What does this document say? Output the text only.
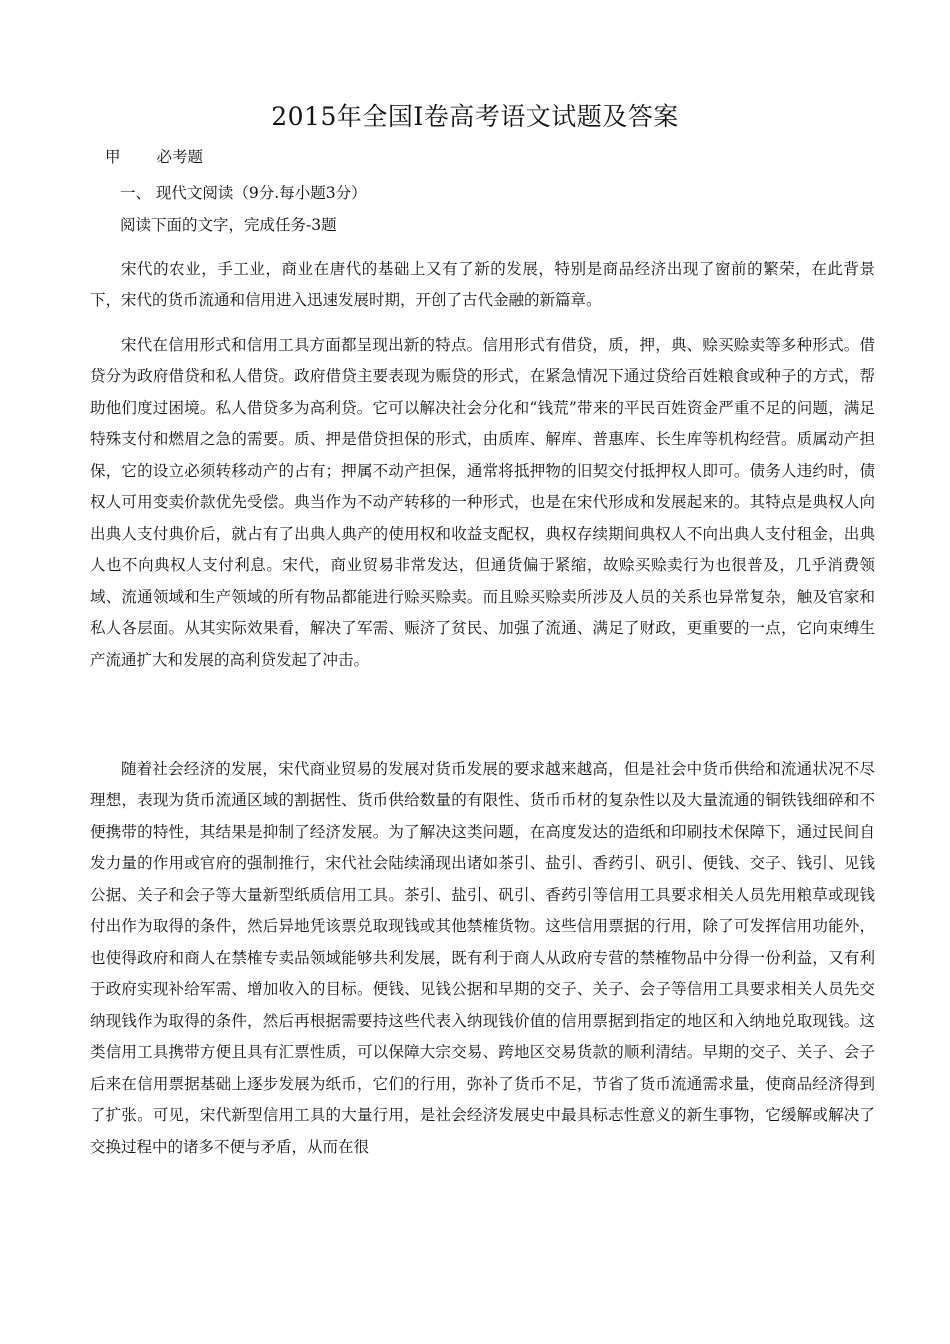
2015年全国Ⅰ卷高考语文试题及答案
甲 必考题
一、 现代文阅读（9分.每小题3分）
阅读下面的文字，完成任务-3题

宋代的农业，手工业，商业在唐代的基础上又有了新的发展，特别是商品经济出现了窗前的繁荣，在此背景下，宋代的货币流通和信用进入迅速发展时期，开创了古代金融的新篇章。

宋代在信用形式和信用工具方面都呈现出新的特点。信用形式有借贷，质，押，典、赊买赊卖等多种形式。借贷分为政府借贷和私人借贷。政府借贷主要表现为赈贷的形式，在紧急情况下通过贷给百姓粮食或种子的方式，帮助他们度过困境。私人借贷多为高利贷。它可以解决社会分化和“钱荒”带来的平民百姓资金严重不足的问题，满足特殊支付和燃眉之急的需要。质、押是借贷担保的形式，由质库、解库、普惠库、长生库等机构经营。质属动产担保，它的设立必须转移动产的占有；押属不动产担保，通常将抵押物的旧契交付抵押权人即可。债务人违约时，债权人可用变卖价款优先受偿。典当作为不动产转移的一种形式，也是在宋代形成和发展起来的。其特点是典权人向出典人支付典价后，就占有了出典人典产的使用权和收益支配权，典权存续期间典权人不向出典人支付租金，出典人也不向典权人支付利息。宋代，商业贸易非常发达，但通货偏于紧缩，故赊买赊卖行为也很普及，几乎消费领域、流通领域和生产领域的所有物品都能进行赊买赊卖。而且赊买赊卖所涉及人员的关系也异常复杂，触及官家和私人各层面。从其实际效果看，解决了军需、赈济了贫民、加强了流通、满足了财政，更重要的一点，它向束缚生产流通扩大和发展的高利贷发起了冲击。

随着社会经济的发展，宋代商业贸易的发展对货币发展的要求越来越高，但是社会中货币供给和流通状况不尽理想，表现为货币流通区域的割据性、货币供给数量的有限性、货币币材的复杂性以及大量流通的铜铁钱细碎和不便携带的特性，其结果是抑制了经济发展。为了解决这类问题，在高度发达的造纸和印刷技术保障下，通过民间自发力量的作用或官府的强制推行，宋代社会陆续涌现出诸如茶引、盐引、香药引、矾引、便钱、交子、钱引、见钱公据、关子和会子等大量新型纸质信用工具。茶引、盐引、矾引、香药引等信用工具要求相关人员先用粮草或现钱付出作为取得的条件，然后异地凭该票兑取现钱或其他禁榷货物。这些信用票据的行用，除了可发挥信用功能外，也使得政府和商人在禁榷专卖品领域能够共利发展，既有利于商人从政府专营的禁榷物品中分得一份利益，又有利于政府实现补给军需、增加收入的目标。便钱、见钱公据和早期的交子、关子、会子等信用工具要求相关人员先交纳现钱作为取得的条件，然后再根据需要持这些代表入纳现钱价值的信用票据到指定的地区和入纳地兑取现钱。这类信用工具携带方便且具有汇票性质，可以保障大宗交易、跨地区交易货款的顺利清结。早期的交子、关子、会子后来在信用票据基础上逐步发展为纸币，它们的行用，弥补了货币不足，节省了货币流通需求量，使商品经济得到了扩张。可见，宋代新型信用工具的大量行用，是社会经济发展史中最具标志性意义的新生事物，它缓解或解决了交换过程中的诸多不便与矛盾，从而在很
